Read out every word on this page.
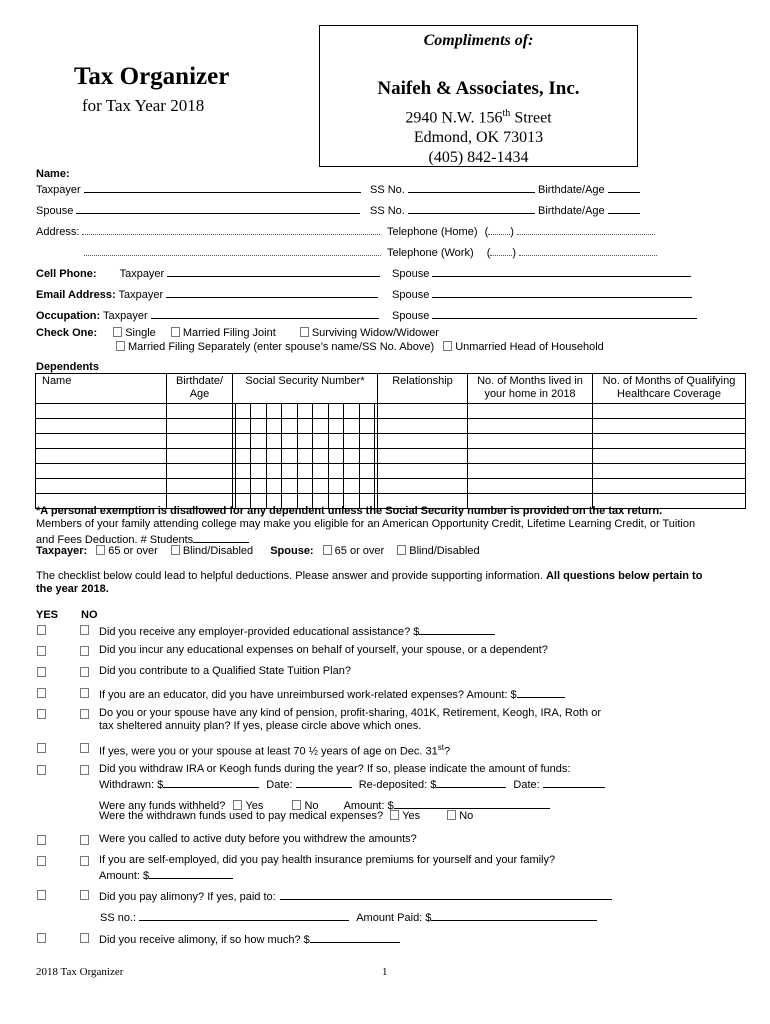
Tax Organizer
for Tax Year 2018
Compliments of:
Naifeh & Associates, Inc.
2940 N.W. 156th Street
Edmond, OK 73013
(405) 842-1434
Name:
Taxpayer	SS No.	Birthdate/Age
Spouse	SS No.	Birthdate/Age
Address:	Telephone (Home) ( )
Telephone (Work) ( )
Cell Phone: Taxpayer	Spouse
Email Address: Taxpayer	Spouse
Occupation: Taxpayer	Spouse
Check One:	Single Married Filing Joint	Surviving Widow/Widower
Married Filing Separately (enter spouse’s name/SS No. Above) Unmarried Head of Household
Dependents
Name	Birthdate/ Age	Social Security Number*	Relationship	No. of Months lived in your home in 2018	No. of Months of Qualifying Healthcare Coverage

*A personal exemption is disallowed for any dependent unless the Social Security number is provided on the tax return.
Members of your family attending college may make you eligible for an American Opportunity Credit, Lifetime Learning Credit, or Tuition
and Fees Deduction. # Students
Taxpayer: 65 or over Blind/Disabled Spouse: 65 or over Blind/Disabled
The checklist below could lead to helpful deductions. Please answer and provide supporting information. All questions below pertain to
the year 2018.
YES NO
Did you receive any employer-provided educational assistance? $
Did you incur any educational expenses on behalf of yourself, your spouse, or a dependent?
Did you contribute to a Qualified State Tuition Plan?
If you are an educator, did you have unreimbursed work-related expenses? Amount: $
Do you or your spouse have any kind of pension, profit-sharing, 401K, Retirement, Keogh, IRA, Roth or
tax sheltered annuity plan? If yes, please circle above which ones.
If yes, were you or your spouse at least 70 ½ years of age on Dec. 31st?
Did you withdraw IRA or Keogh funds during the year? If so, please indicate the amount of funds:
Withdrawn: $	Date:	Re-deposited: $	Date:
Were any funds withheld? Yes	No Amount: $
Were the withdrawn funds used to pay medical expenses? Yes	No
Were you called to active duty before you withdrew the amounts?
If you are self-employed, did you pay health insurance premiums for yourself and your family?
Amount: $
Did you pay alimony? If yes, paid to:
SS no.:	Amount Paid: $
Did you receive alimony, if so how much? $
2018 Tax Organizer	1
